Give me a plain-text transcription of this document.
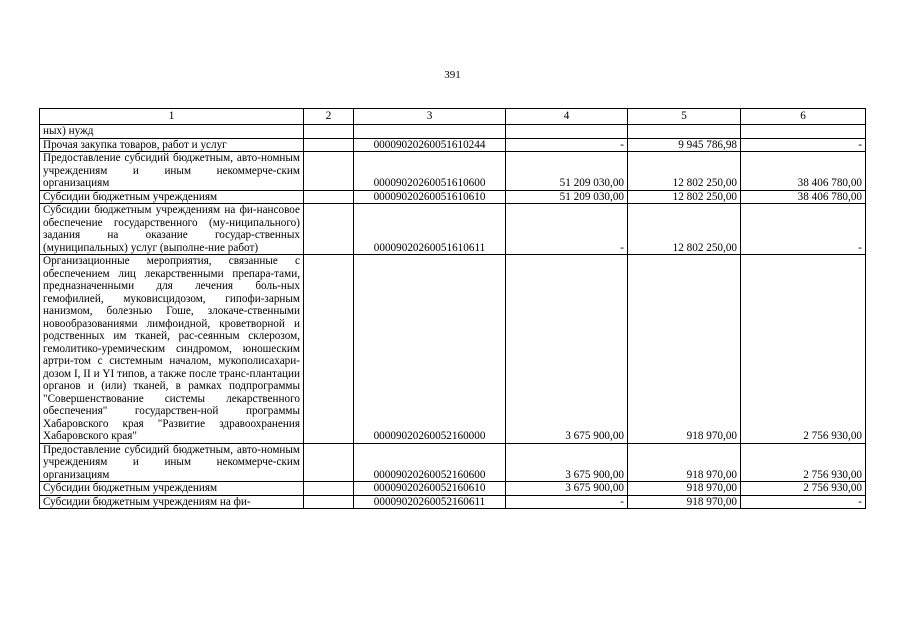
391
1	2	3	4	5	6
ных) нужд					
Прочая закупка товаров, работ и услуг		00009020260051610244	-	9 945 786,98	-
Предоставление субсидий бюджетным, авто-номным учреждениям и иным некоммерче-ским организациям		00009020260051610600	51 209 030,00	12 802 250,00	38 406 780,00
Субсидии бюджетным учреждениям		00009020260051610610	51 209 030,00	12 802 250,00	38 406 780,00
Субсидии бюджетным учреждениям на фи-нансовое обеспечение государственного (му-ниципального) задания на оказание государ-ственных (муниципальных) услуг (выполне-ние работ)		00009020260051610611	-	12 802 250,00	-
Организационные мероприятия, связанные с обеспечением лиц лекарственными препара-тами, предназначенными для лечения боль-ных гемофилией, муковисцидозом, гипофи-зарным нанизмом, болезнью Гоше, злокаче-ственными новообразованиями лимфоидной, кроветворной и родственных им тканей, рас-сеянным склерозом, гемолитико-уремическим синдромом, юношеским артри-том с системным началом, мукополисахари-дозом I, II и YI типов, а также после транс-плантации органов и (или) тканей, в рамках подпрограммы "Совершенствование системы лекарственного обеспечения" государствен-ной программы Хабаровского края "Развитие здравоохранения Хабаровского края"		00009020260052160000	3 675 900,00	918 970,00	2 756 930,00
Предоставление субсидий бюджетным, авто-номным учреждениям и иным некоммерче-ским организациям		00009020260052160600	3 675 900,00	918 970,00	2 756 930,00
Субсидии бюджетным учреждениям		00009020260052160610	3 675 900,00	918 970,00	2 756 930,00
Субсидии бюджетным учреждениям на фи-		00009020260052160611	-	918 970,00	-
